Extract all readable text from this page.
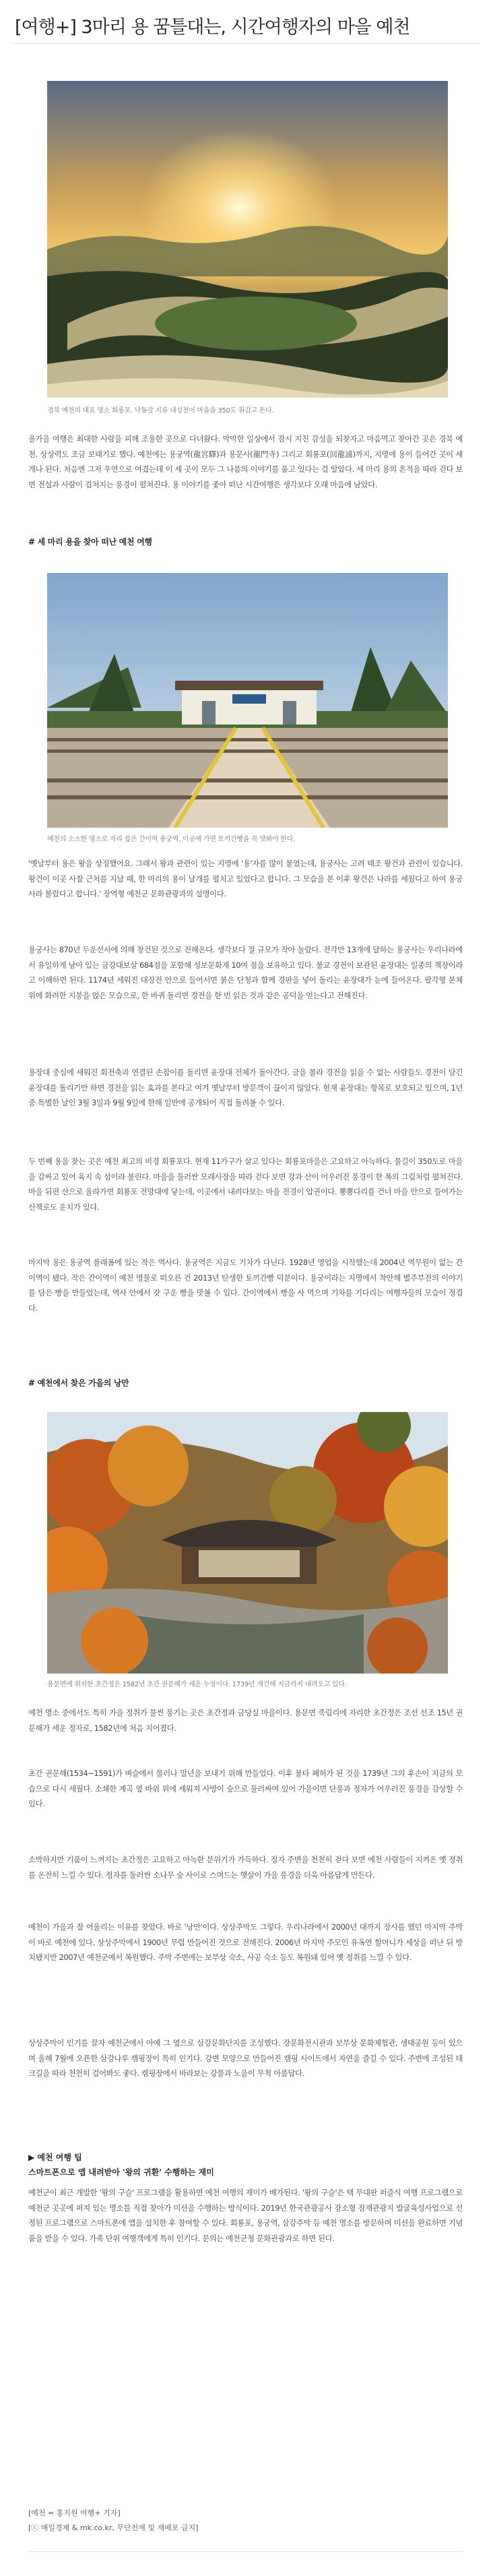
[여행+] 3마리 용 꿈틀대는, 시간여행자의 마을 예천
경북 예천의 대표 명소 회룡포. 낙동강 지류 내성천이 마을을 350도 휘감고 돈다.

올가을 여행은 최대한 사람을 피해 조용한 곳으로 다녀왔다. 막막한 일상에서 잠시 지친 감성을 되찾자고 마음먹고 찾아간 곳은 경북 예천. 상상력도 조금 보태기로 했다. 예천에는 용궁역(龍宮驛)과 용문사(龍門寺) 그리고 회룡포(回龍浦)까지, 지명에 용이 들어간 곳이 세 개나 된다. 처음엔 그저 우연으로 여겼는데 이 세 곳이 모두 그 나름의 이야기를 품고 있다는 걸 알았다. 세 마리 용의 흔적을 따라 걷다 보면 전설과 사람이 겹쳐지는 풍경이 펼쳐진다. 용 이야기를 좇아 떠난 시간여행은 생각보다 오래 마음에 남았다.

# 세 마리 용을 찾아 떠난 예천 여행
예천의 소소한 명소로 자리 잡은 간이역 용궁역. 이곳에 가면 토끼간빵을 꼭 맛봐야 한다.

'옛날부터 용은 왕을 상징했어요. 그래서 왕과 관련이 있는 지명에 '용'자를 많이 붙였는데, 용궁사는 고려 태조 왕건과 관련이 있습니다. 왕건이 이곳 사찰 근처를 지날 때, 한 마리의 용이 날개를 펼치고 있었다고 합니다. 그 모습을 본 이후 왕건은 나라를 세웠다고 하여 용궁사라 불렀다고 합니다.' 장역형 예천군 문화관광과의 설명이다.

용궁사는 870년 두운선사에 의해 창건된 것으로 전해온다. 생각보다 절 규모가 작아 놀랐다. 전각만 13개에 달하는 용궁사는 우리나라에서 유일하게 남아 있는 금강대보살 684점을 포함해 성보문화재 10여 점을 보유하고 있다. 불교 경전이 보관된 윤장대는 일종의 책장이라고 이해하면 된다. 1174년 세워진 대장전 안으로 들어서면 붉은 단청과 함께 경판을 넣어 돌리는 윤장대가 눈에 들어온다. 팔각형 본체 위에 화려한 지붕을 얹은 모습으로, 한 바퀴 돌리면 경전을 한 번 읽은 것과 같은 공덕을 얻는다고 전해진다.

용장대 중심에 새워진 회전축과 연결된 손잡이를 돌리면 윤장대 전체가 돌아간다. 글을 몰라 경전을 읽을 수 없는 사람들도 경전이 담긴 윤장대를 돌리기만 하면 경전을 읽는 효과를 본다고 여겨 옛날부터 방문객이 끊이지 않았다. 현재 윤장대는 항목로 보호되고 있으며, 1년 중 특별한 날인 3월 3일과 9월 9일에 한해 일반에 공개되어 직접 돌려볼 수 있다.

두 번째 용을 찾는 곳은 예천 최고의 비경 회룡포다. 현재 11가구가 살고 있다는 회룡포마을은 고요하고 아늑하다. 물길이 350도로 마을을 감싸고 있어 육지 속 섬이라 불린다. 마을을 둘러싼 모래사장을 따라 걷다 보면 강과 산이 어우러진 풍경이 한 폭의 그림처럼 펼쳐진다. 마을 뒤편 산으로 올라가면 회룡포 전망대에 닿는데, 이곳에서 내려다보는 마을 전경이 압권이다. 뿅뿅다리를 건너 마을 안으로 들어가는 산책로도 운치가 있다.

마지막 용은 용궁역 플래폼에 있는 작은 역사다. 용궁역은 지금도 기차가 다닌다. 1928년 영업을 시작했는데 2004년 역무원이 없는 간이역이 됐다. 작은 간이역이 예천 명물로 떠오른 건 2013년 탄생한 토끼간빵 덕분이다. 용궁이라는 지명에서 착안해 별주부전의 이야기를 담은 빵을 만들었는데, 역사 안에서 갓 구운 빵을 맛볼 수 있다. 간이역에서 빵을 사 먹으며 기차를 기다리는 여행자들의 모습이 정겹다.

# 예천에서 찾은 가을의 낭만
용문면에 위치한 초간정은 1582년 초간 권문해가 세운 누정이다. 1739년 개건해 지금까지 내려오고 있다.

예천 명소 중에서도 특히 가을 정취가 물씬 풍기는 곳은 초간정과 금당실 마을이다. 용문면 죽림리에 자리한 초간정은 조선 선조 15년 권문해가 세운 정자로, 1582년에 처음 지어졌다.

초간 권문해(1534~1591)가 벼슬에서 물러나 말년을 보내기 위해 만들었다. 이후 불타 폐허가 된 것을 1739년 그의 후손이 지금의 모습으로 다시 세웠다. 소쇄한 계곡 옆 바위 위에 세워져 사방이 숲으로 둘러싸여 있어 가을이면 단풍과 정자가 어우러진 풍경을 감상할 수 있다.

소박하지만 기품이 느껴지는 초간정은 고요하고 아늑한 분위기가 가득하다. 정자 주변을 천천히 걷다 보면 예천 사람들이 지켜온 옛 정취를 온전히 느낄 수 있다. 정자를 둘러싼 소나무 숲 사이로 스며드는 햇살이 가을 풍경을 더욱 아름답게 만든다.

예천이 가을과 잘 어울리는 이유를 찾았다. 바로 '낭만'이다. 상상주막도 그렇다. 우리나라에서 2000년 대까지 장사를 했던 마지막 주막이 바로 예천에 있다. 상상주막에서 1900년 무렵 만들어진 것으로 전해진다. 2006년 마지막 주모인 유옥연 할머니가 세상을 떠난 뒤 방치됐지만 2007년 예천군에서 복원했다. 주막 주변에는 보부상 숙소, 사공 숙소 등도 복원돼 있어 옛 정취를 느낄 수 있다.

상상주막이 인기를 끌자 예천군에서 아예 그 옆으로 삼강문화단지를 조성했다. 강문화전시관과 보부상 문화체험관, 생태공원 등이 있으며 올해 7월에 오픈한 삼강나루 캠핑장이 특히 인기다. 강변 모양으로 만들어진 캠핑 사이트에서 자연을 즐길 수 있다. 주변에 조성된 데크길을 따라 천천히 걸어봐도 좋다. 캠핑장에서 바라보는 강물과 노을이 무척 아름답다.

▶ 예천 여행 팁

스마트폰으로 앱 내려받아 '왕의 귀환' 수행하는 재미

예천군이 최근 개발한 '왕의 구슬' 프로그램을 활용하면 예천 여행의 재미가 배가된다. '왕의 구슬'은 택 무대판 퍼즐식 여행 프로그램으로 예천군 곳곳에 퍼져 있는 명소를 직접 찾아가 미션을 수행하는 방식이다. 2019년 한국관광공사 강소형 잠재관광지 발굴육성사업으로 선정된 프로그램으로 스마트폰에 앱을 설치한 후 참여할 수 있다. 회룡포, 용궁역, 삼강주막 등 예천 명소를 방문하며 미션을 완료하면 기념품을 받을 수 있다. 가족 단위 여행객에게 특히 인기다. 문의는 예천군청 문화관광과로 하면 된다.

[예천 = 홍지원 여행+ 기자]
[ⓒ 매일경제 & mk.co.kr, 무단전재 및 재배포 금지]
